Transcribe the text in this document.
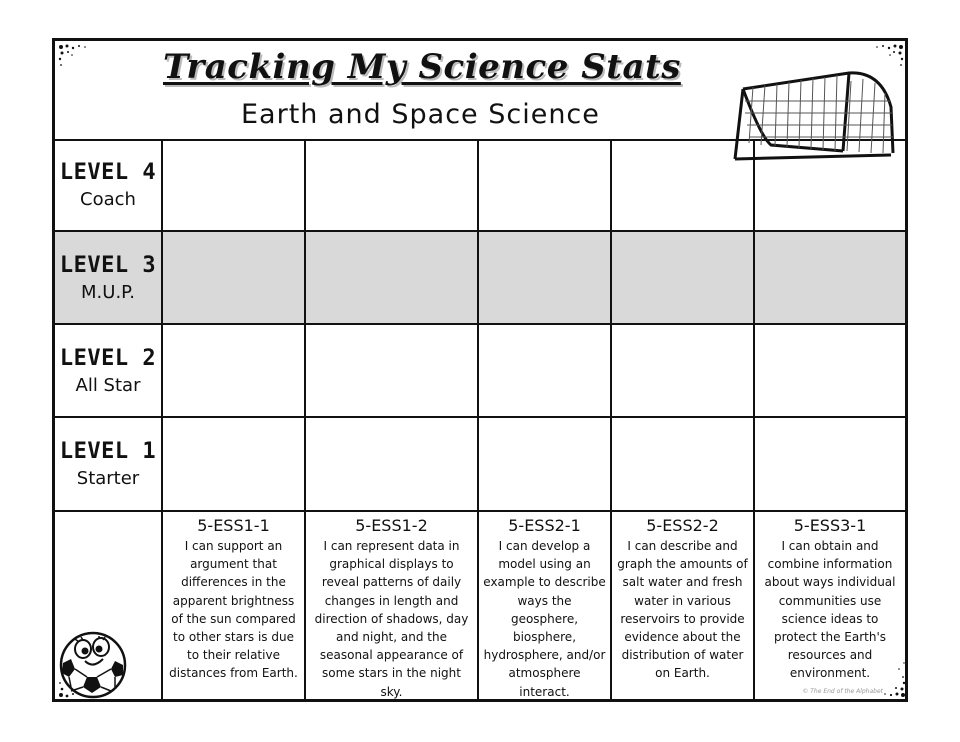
Tracking My Science Stats
Earth and Space Science
LEVEL 4
Coach
LEVEL 3
M.U.P.
LEVEL 2
All Star
LEVEL 1
Starter
5-ESS1-1
I can support an argument that differences in the apparent brightness of the sun compared to other stars is due to their relative distances from Earth.
5-ESS1-2
I can represent data in graphical displays to reveal patterns of daily changes in length and direction of shadows, day and night, and the seasonal appearance of some stars in the night sky.
5-ESS2-1
I can develop a model using an example to describe ways the geosphere, biosphere, hydrosphere, and/or atmosphere interact.
5-ESS2-2
I can describe and graph the amounts of salt water and fresh water in various reservoirs to provide evidence about the distribution of water on Earth.
5-ESS3-1
I can obtain and combine information about ways individual communities use science ideas to protect the Earth's resources and environment.
© The End of the Alphabet
